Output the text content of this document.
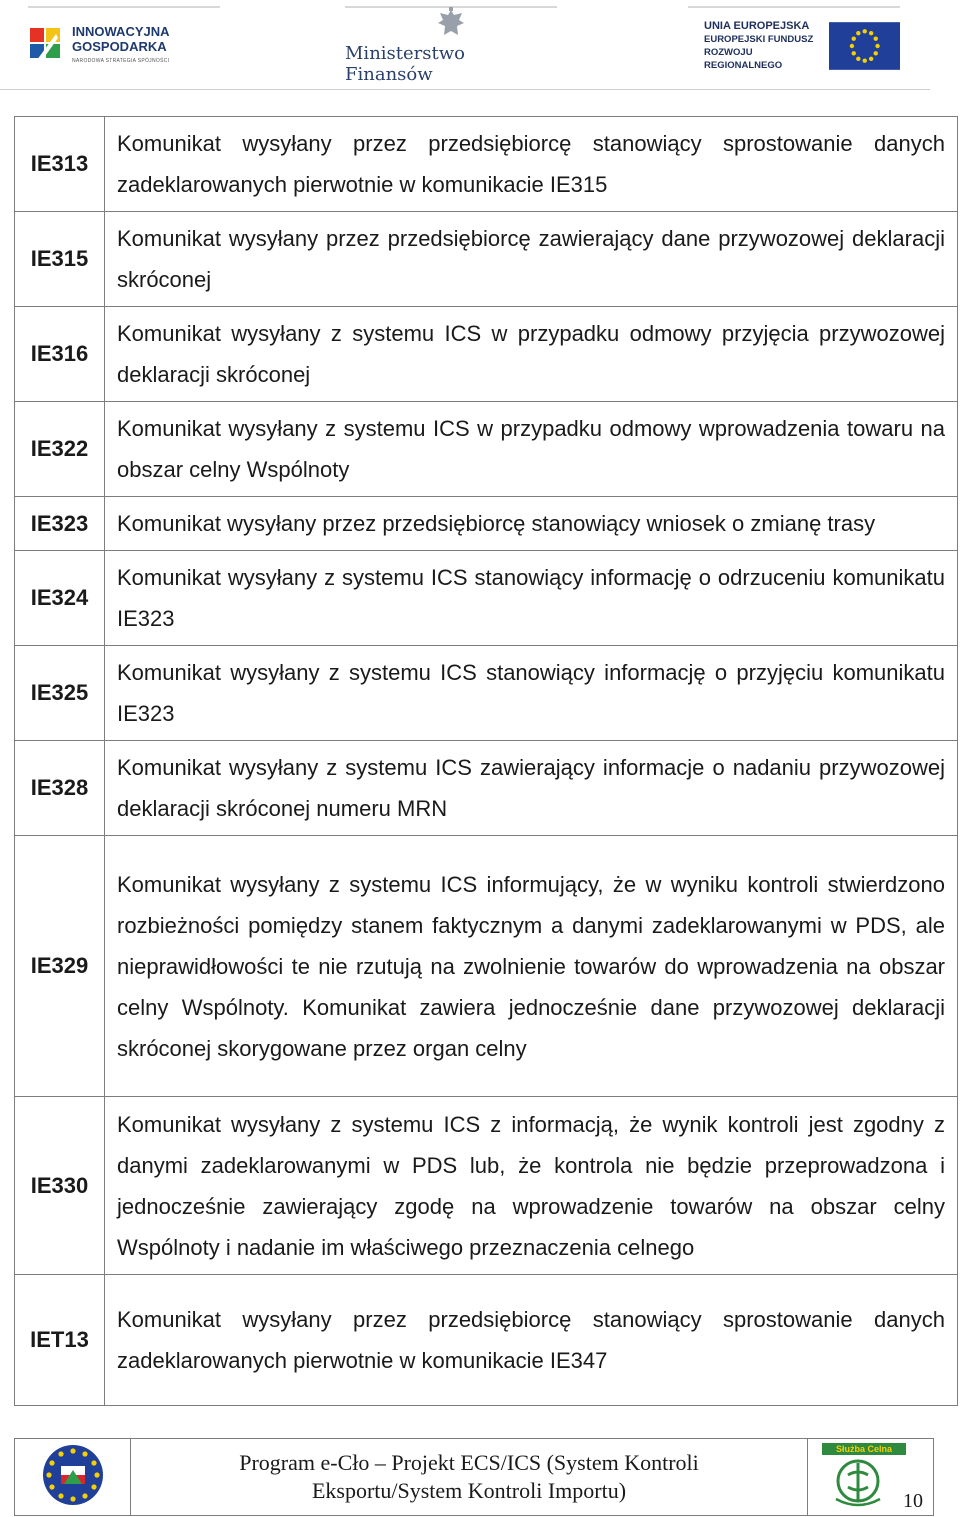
INNOWACYJNA
GOSPODARKA
NARODOWA STRATEGIA SPÓJNOŚCI	Ministerstwo Finansów
UNIA EUROPEJSKA
EUROPEJSKI FUNDUSZ
ROZWOJU REGIONALNEGO
IE313	Komunikat wysyłany przez przedsiębiorcę stanowiący sprostowanie danych zadeklarowanych pierwotnie w komunikacie IE315
IE315	Komunikat wysyłany przez przedsiębiorcę zawierający dane przywozowej deklaracji skróconej
IE316	Komunikat wysyłany z systemu ICS w przypadku odmowy przyjęcia przywozowej deklaracji skróconej
IE322	Komunikat wysyłany z systemu ICS w przypadku odmowy wprowadzenia towaru na obszar celny Wspólnoty
IE323	Komunikat wysyłany przez przedsiębiorcę stanowiący wniosek o zmianę trasy
IE324	Komunikat wysyłany z systemu ICS stanowiący informację o odrzuceniu komunikatu IE323
IE325	Komunikat wysyłany z systemu ICS stanowiący informację o przyjęciu komunikatu IE323
IE328	Komunikat wysyłany z systemu ICS zawierający informacje o nadaniu przywozowej deklaracji skróconej numeru MRN
IE329	Komunikat wysyłany z systemu ICS informujący, że w wyniku kontroli stwierdzono rozbieżności pomiędzy stanem faktycznym a danymi zadeklarowanymi w PDS, ale nieprawidłowości te nie rzutują na zwolnienie towarów do wprowadzenia na obszar celny Wspólnoty. Komunikat zawiera jednocześnie dane przywozowej deklaracji skróconej skorygowane przez organ celny
IE330	Komunikat wysyłany z systemu ICS z informacją, że wynik kontroli jest zgodny z danymi zadeklarowanymi w PDS lub, że kontrola nie będzie przeprowadzona i jednocześnie zawierający zgodę na wprowadzenie towarów na obszar celny Wspólnoty i nadanie im właściwego przeznaczenia celnego
IET13	Komunikat wysyłany przez przedsiębiorcę stanowiący sprostowanie danych zadeklarowanych pierwotnie w komunikacie IE347

Program e-Cło – Projekt ECS/ICS (System Kontroli
Eksportu/System Kontroli Importu)

Służba Celna
10
